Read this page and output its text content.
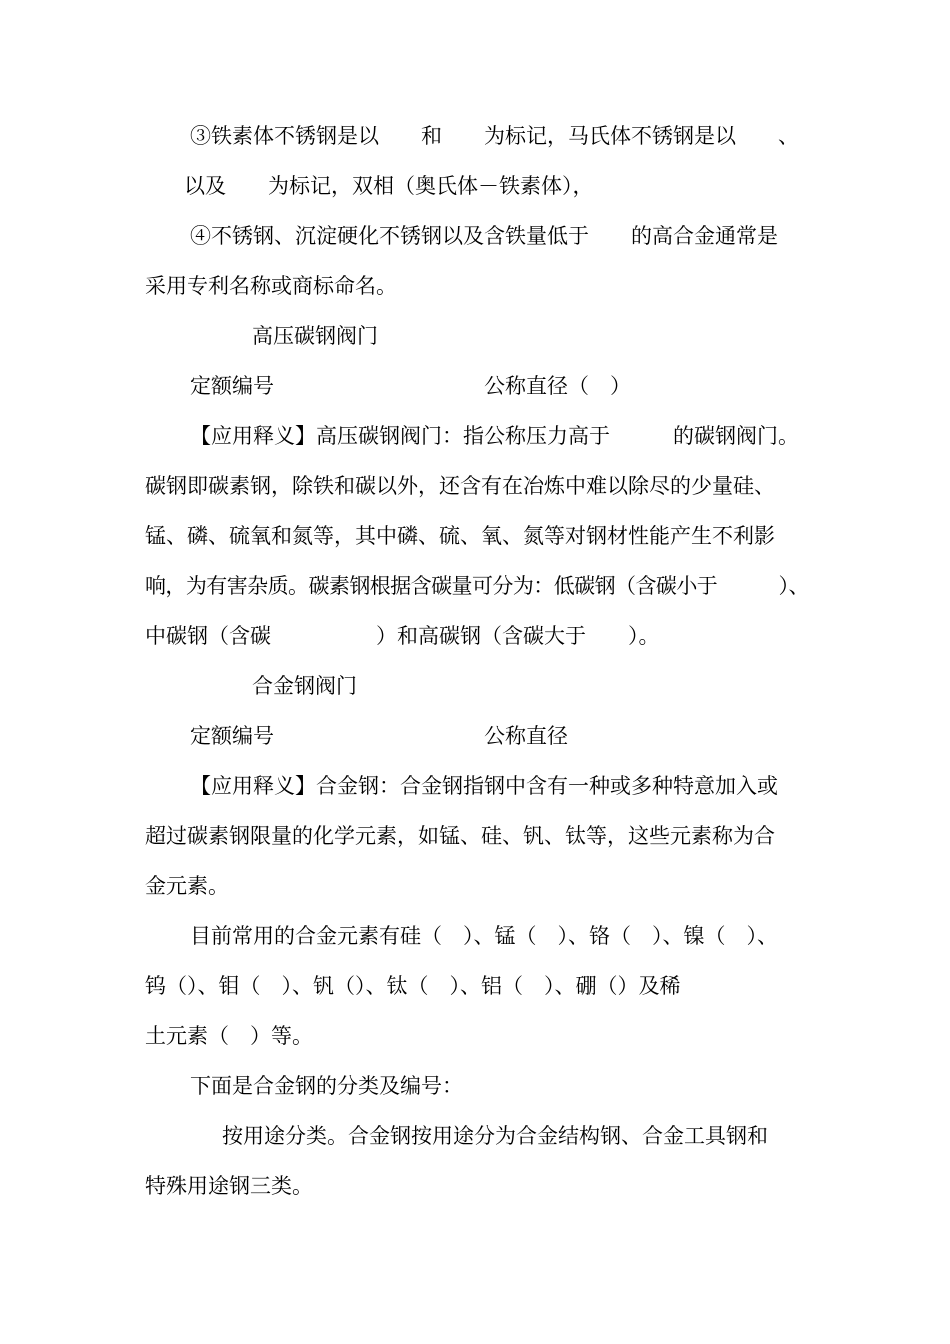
③铁素体不锈钢是以　　和　　为标记，马氏体不锈钢是以　　、
以及　　为标记，双相（奥氏体－铁素体），
④不锈钢、沉淀硬化不锈钢以及含铁量低于　　的高合金通常是
采用专利名称或商标命名。
高压碳钢阀门
定额编号　　　　　　　　　　公称直径（　）
【应用释义】高压碳钢阀门：指公称压力高于　　　的碳钢阀门。
碳钢即碳素钢，除铁和碳以外，还含有在冶炼中难以除尽的少量硅、
锰、磷、硫氧和氮等，其中磷、硫、氧、氮等对钢材性能产生不利影
响，为有害杂质。碳素钢根据含碳量可分为：低碳钢（含碳小于　　　）、
中碳钢（含碳　　　　　）和高碳钢（含碳大于　　）。
合金钢阀门
定额编号　　　　　　　　　　公称直径
【应用释义】合金钢：合金钢指钢中含有一种或多种特意加入或
超过碳素钢限量的化学元素，如锰、硅、钒、钛等，这些元素称为合
金元素。
目前常用的合金元素有硅（　）、锰（　）、铬（　）、镍（　）、
钨（）、钼（　）、钒（）、钛（　）、铝（　）、硼（）及稀
土元素（　）等。
下面是合金钢的分类及编号：
按用途分类。合金钢按用途分为合金结构钢、合金工具钢和
特殊用途钢三类。
